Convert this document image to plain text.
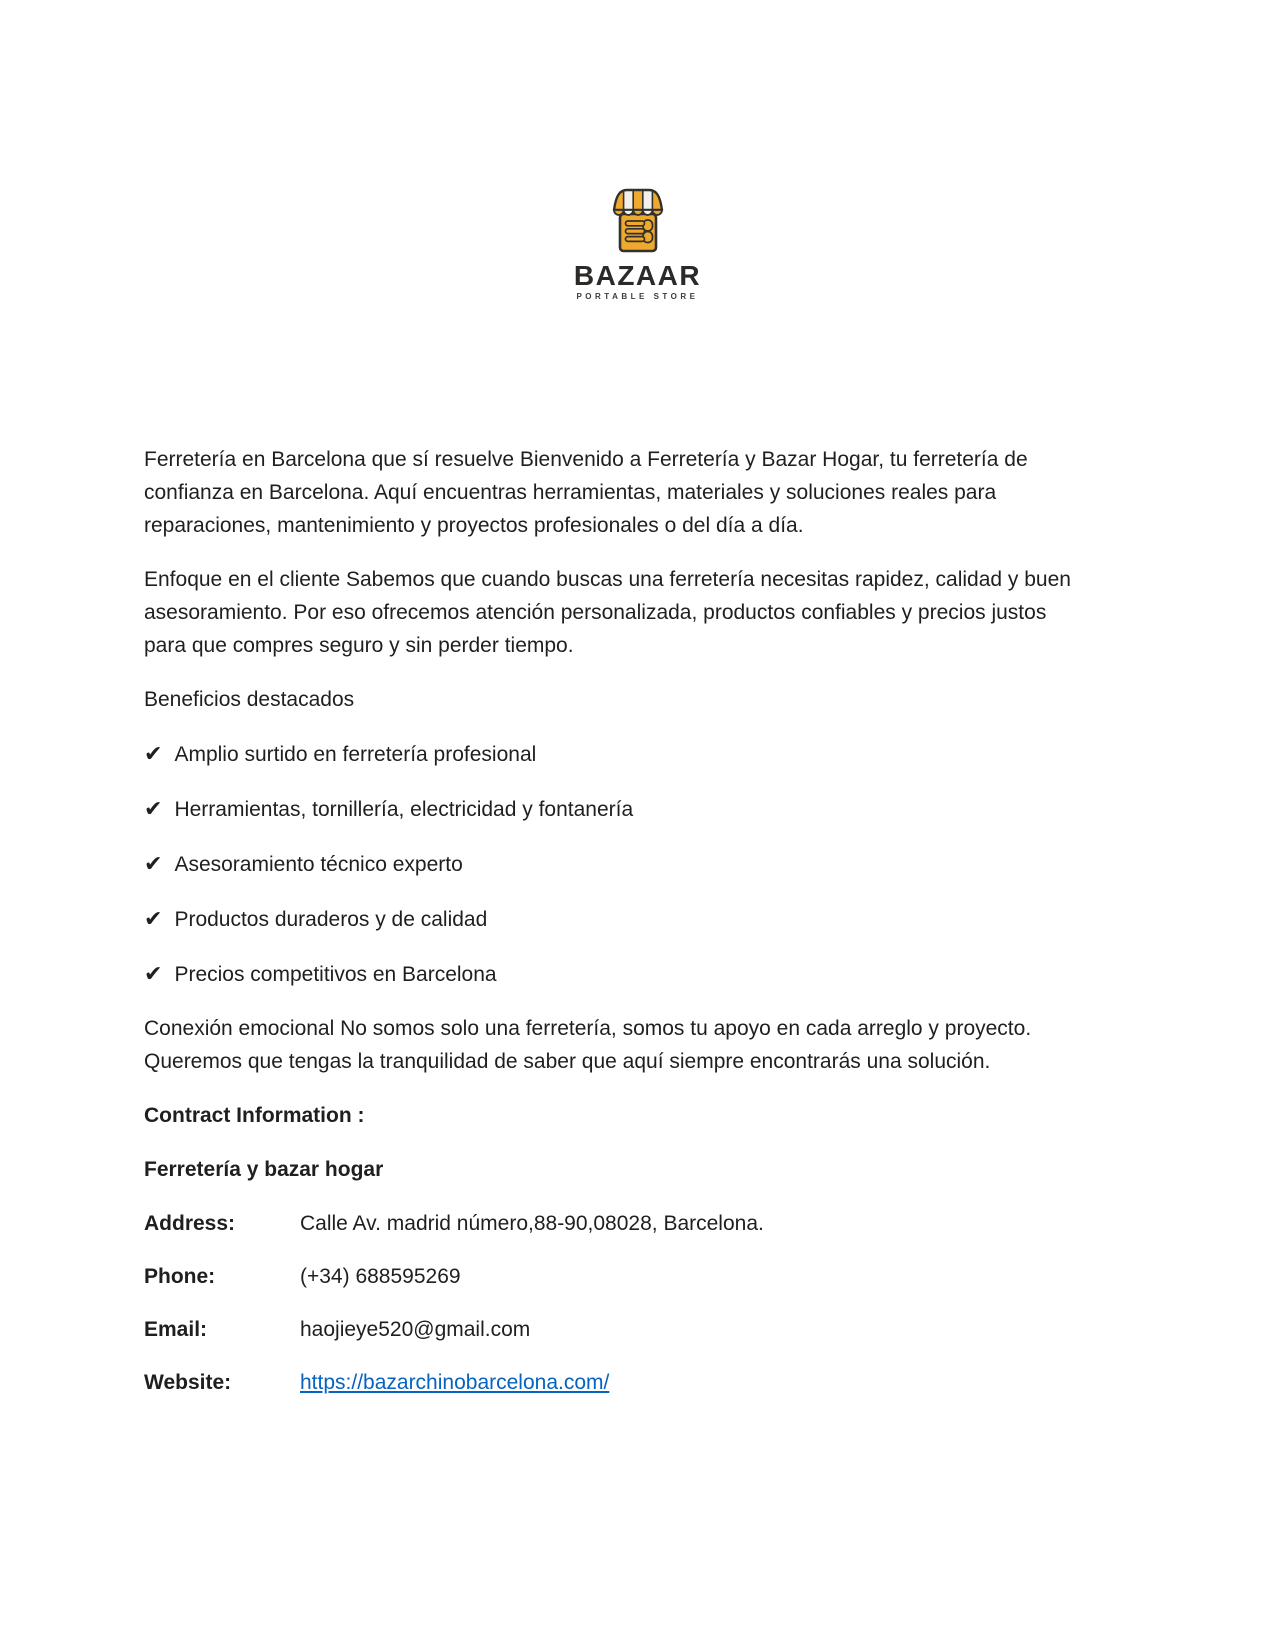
BAZAAR
PORTABLE STORE

Ferretería en Barcelona que sí resuelve Bienvenido a Ferretería y Bazar Hogar, tu ferretería de confianza en Barcelona. Aquí encuentras herramientas, materiales y soluciones reales para reparaciones, mantenimiento y proyectos profesionales o del día a día.

Enfoque en el cliente Sabemos que cuando buscas una ferretería necesitas rapidez, calidad y buen asesoramiento. Por eso ofrecemos atención personalizada, productos confiables y precios justos para que compres seguro y sin perder tiempo.

Beneficios destacados

✔ Amplio surtido en ferretería profesional
✔ Herramientas, tornillería, electricidad y fontanería
✔ Asesoramiento técnico experto
✔ Productos duraderos y de calidad
✔ Precios competitivos en Barcelona

Conexión emocional No somos solo una ferretería, somos tu apoyo en cada arreglo y proyecto. Queremos que tengas la tranquilidad de saber que aquí siempre encontrarás una solución.

Contract Information :

Ferretería y bazar hogar

Address:	Calle Av. madrid número,88-90,08028, Barcelona.
Phone:	(+34) 688595269
Email:	haojieye520@gmail.com
Website:	https://bazarchinobarcelona.com/
